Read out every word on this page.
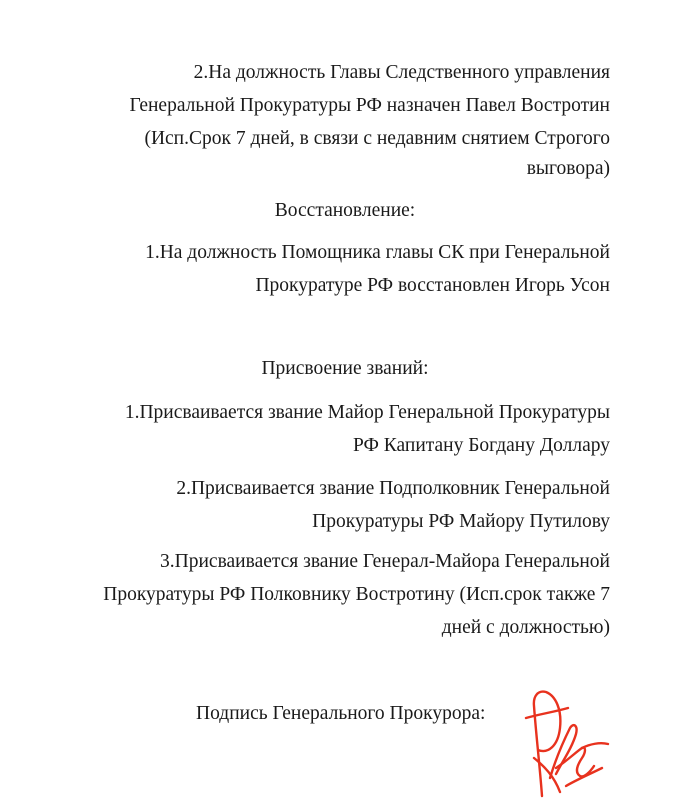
2.На должность Главы Следственного управления
Генеральной Прокуратуры РФ назначен Павел Востротин
(Исп.Срок 7 дней, в связи с недавним снятием Строгого
выговора)
Восстановление:
1.На должность Помощника главы СК при Генеральной
Прокуратуре РФ восстановлен Игорь Усон
Присвоение званий:
1.Присваивается звание Майор Генеральной Прокуратуры
РФ Капитану Богдану Доллару
2.Присваивается звание Подполковник Генеральной
Прокуратуры РФ Майору Путилову
3.Присваивается звание Генерал-Майора Генеральной
Прокуратуры РФ Полковнику Востротину (Исп.срок также 7
дней с должностью)
Подпись Генерального Прокурора:
